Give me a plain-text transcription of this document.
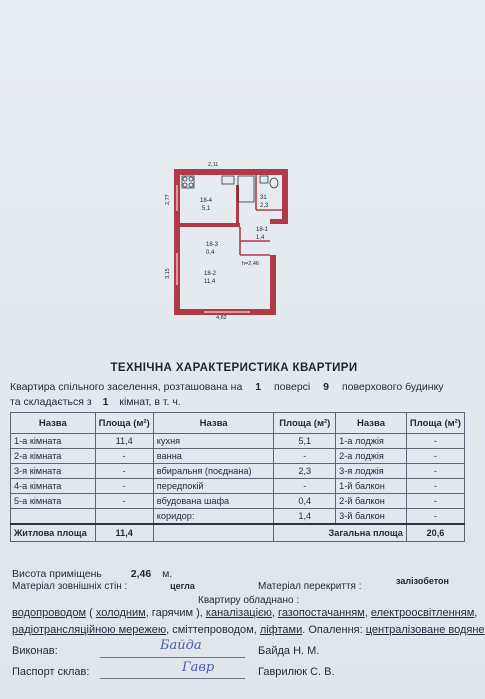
2,11
4,82
2,77
3,15
h=2,46
18-4
5,1
31
2,3
18-1
1,4
18-3
0,4
18-2
11,4
ТЕХНІЧНА ХАРАКТЕРИСТИКА КВАРТИРИ
Квартира спільного заселення, розташована на 1 поверсі 9 поверхового будинку
та складається з 1 кімнат, в т. ч.
Назва	Площа (м²)	Назва	Площа (м²)	Назва	Площа (м²)
1-а кімната	11,4	кухня	5,1	1-а лоджія	-
2-а кімната	-	ванна	-	2-а лоджія	-
3-я кімната	-	вбиральня (поєднана)	2,3	3-я лоджія	-
4-а кімната	-	передпокій	-	1-й балкон	-
5-а кімната	-	вбудована шафа	0,4	2-й балкон	-
		коридор:	1,4	3-й балкон	-
Житлова площа	11,4		Загальна площа		20,6
Висота приміщень	2,46 м.
Матеріал зовнішніх стін :	цегла	Матеріал перекриття :	залізобетон
Квартиру обладнано :
водопроводом ( холодним, гарячим ), каналізацією, газопостачанням, електроосвітленням,
радіотрансляційною мережею, сміттепроводом, ліфтами. Опалення: централізоване водяне
Виконав:	Байда	Байда Н. М.
Паспорт склав:	Гавр	Гаврилюк С. В.
